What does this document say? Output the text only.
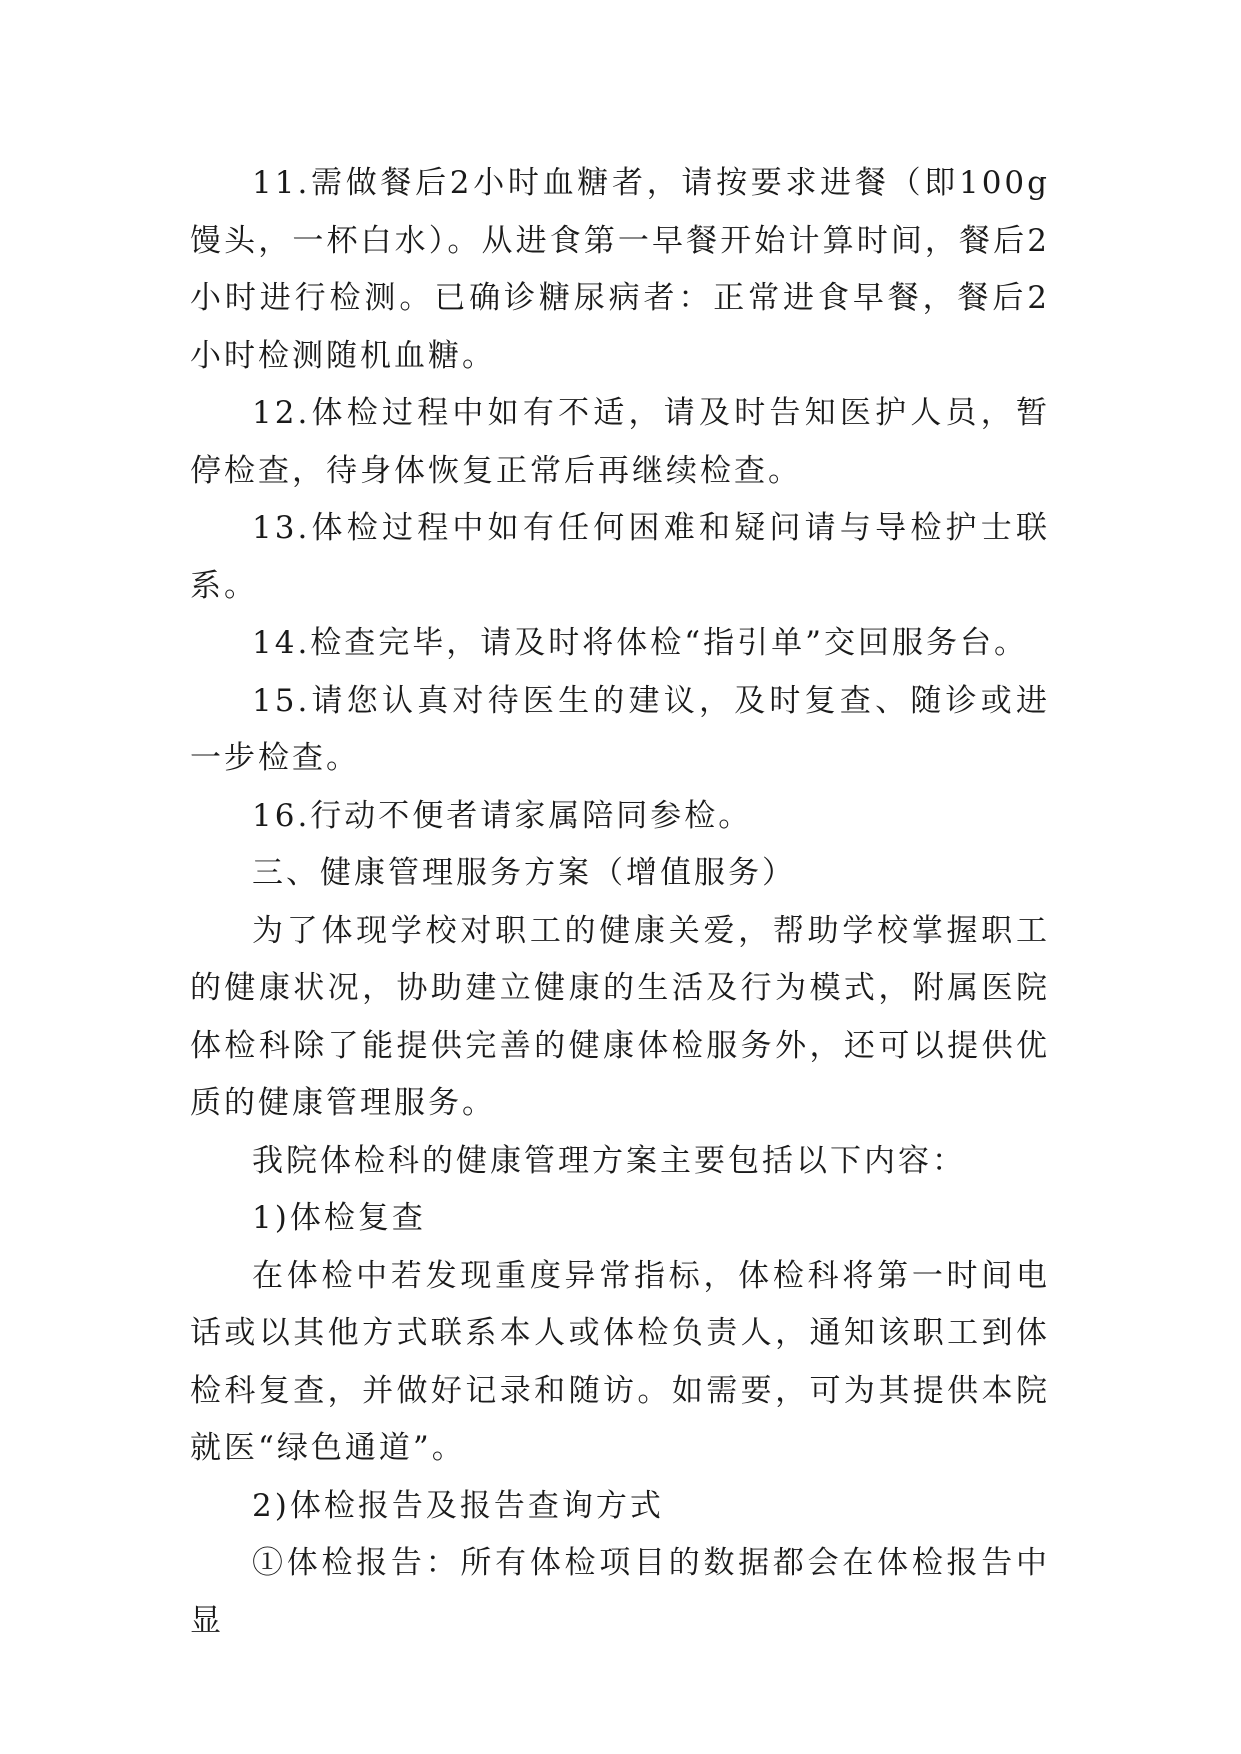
11.需做餐后2小时血糖者，请按要求进餐（即100g馒头，一杯白水）。从进食第一早餐开始计算时间，餐后2小时进行检测。已确诊糖尿病者：正常进食早餐，餐后2小时检测随机血糖。

12.体检过程中如有不适，请及时告知医护人员，暂停检查，待身体恢复正常后再继续检查。

13.体检过程中如有任何困难和疑问请与导检护士联系。

14.检查完毕，请及时将体检“指引单”交回服务台。

15.请您认真对待医生的建议，及时复查、随诊或进一步检查。

16.行动不便者请家属陪同参检。

三、健康管理服务方案（增值服务）

为了体现学校对职工的健康关爱，帮助学校掌握职工的健康状况，协助建立健康的生活及行为模式，附属医院体检科除了能提供完善的健康体检服务外，还可以提供优质的健康管理服务。

我院体检科的健康管理方案主要包括以下内容：

1)体检复查

在体检中若发现重度异常指标，体检科将第一时间电话或以其他方式联系本人或体检负责人，通知该职工到体检科复查，并做好记录和随访。如需要，可为其提供本院就医“绿色通道”。

2)体检报告及报告查询方式

①体检报告：所有体检项目的数据都会在体检报告中显
